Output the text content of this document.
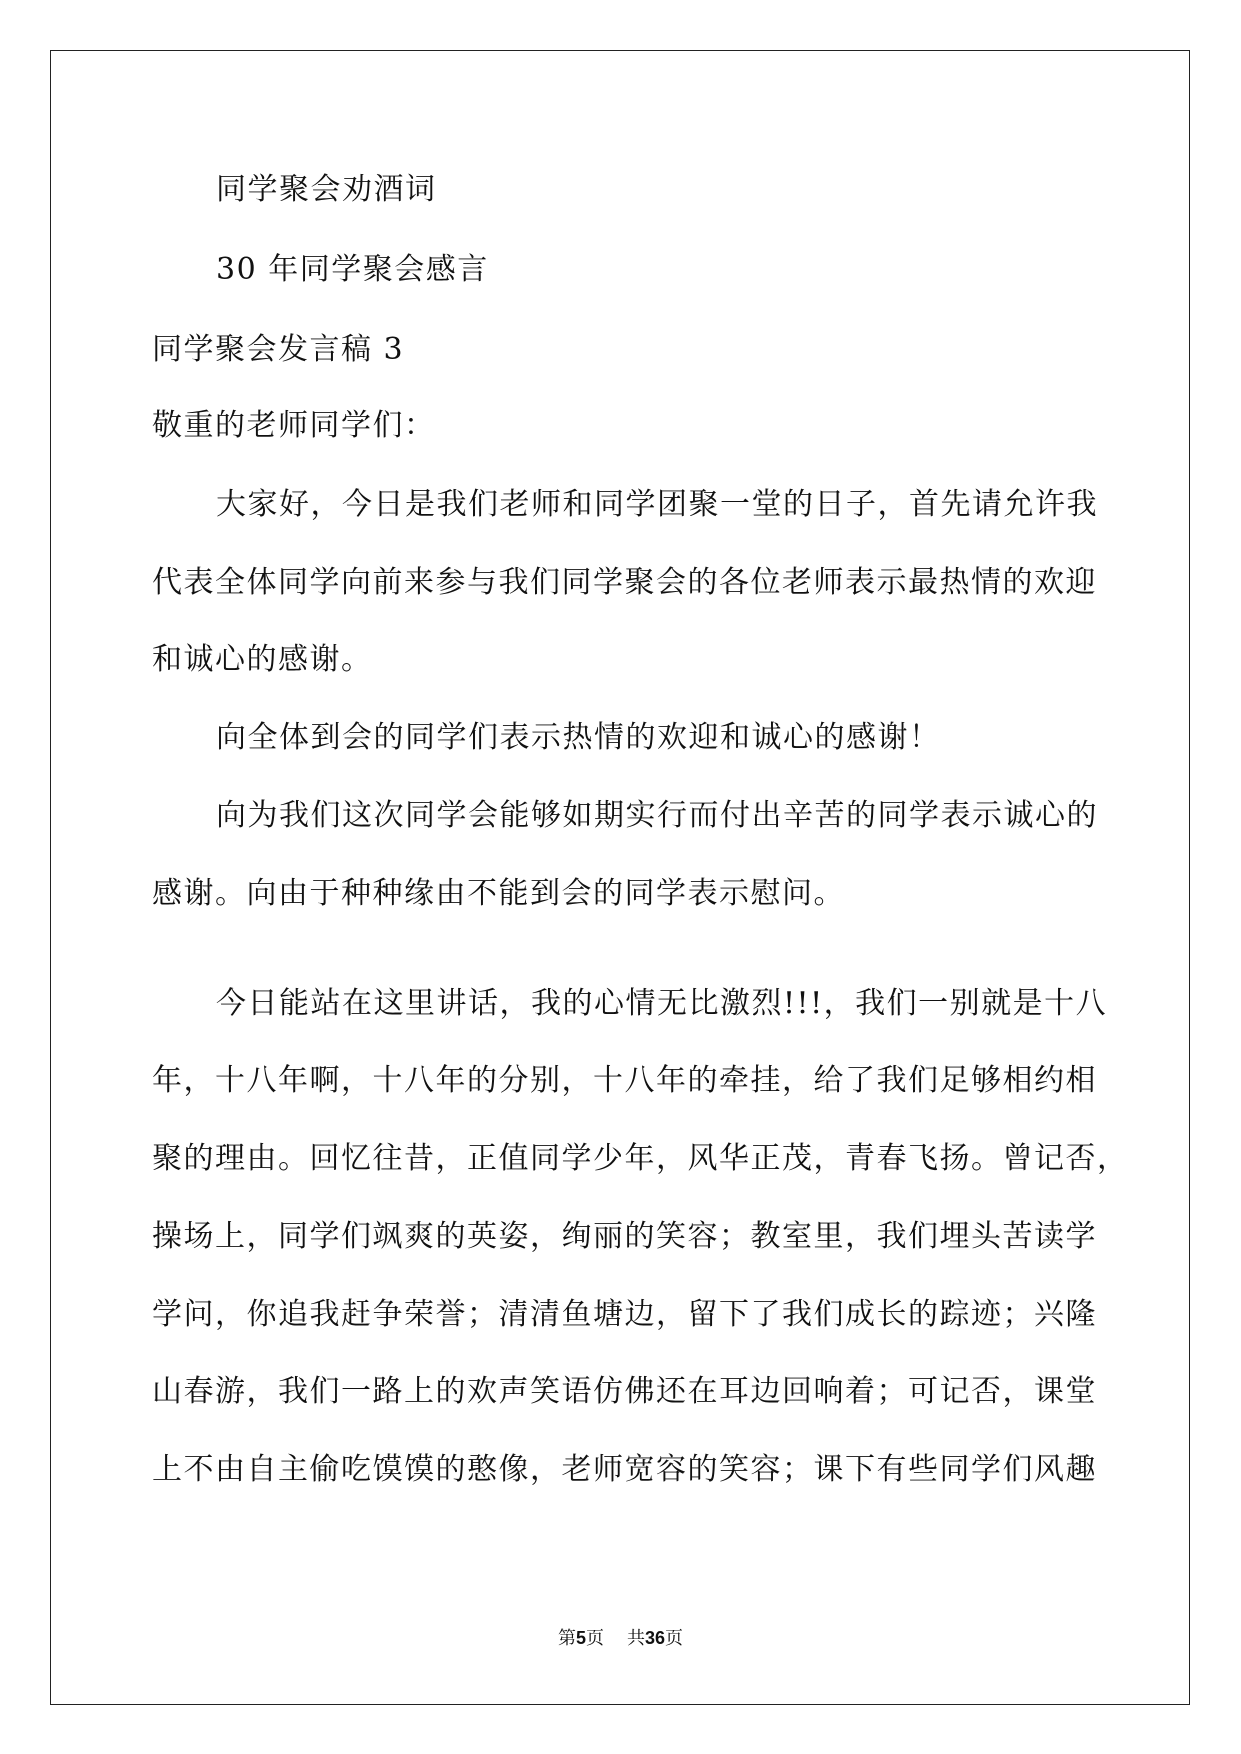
同学聚会劝酒词
30 年同学聚会感言
同学聚会发言稿 3
敬重的老师同学们：
大家好，今日是我们老师和同学团聚一堂的日子，首先请允许我
代表全体同学向前来参与我们同学聚会的各位老师表示最热情的欢迎
和诚心的感谢。
向全体到会的同学们表示热情的欢迎和诚心的感谢！
向为我们这次同学会能够如期实行而付出辛苦的同学表示诚心的
感谢。向由于种种缘由不能到会的同学表示慰问。
今日能站在这里讲话，我的心情无比激烈!!!，我们一别就是十八
年，十八年啊，十八年的分别，十八年的牵挂，给了我们足够相约相
聚的理由。回忆往昔，正值同学少年，风华正茂，青春飞扬。曾记否，
操场上，同学们飒爽的英姿，绚丽的笑容；教室里，我们埋头苦读学
学问，你追我赶争荣誉；清清鱼塘边，留下了我们成长的踪迹；兴隆
山春游，我们一路上的欢声笑语仿佛还在耳边回响着；可记否，课堂
上不由自主偷吃馍馍的憨像，老师宽容的笑容；课下有些同学们风趣
第5页 共36页
